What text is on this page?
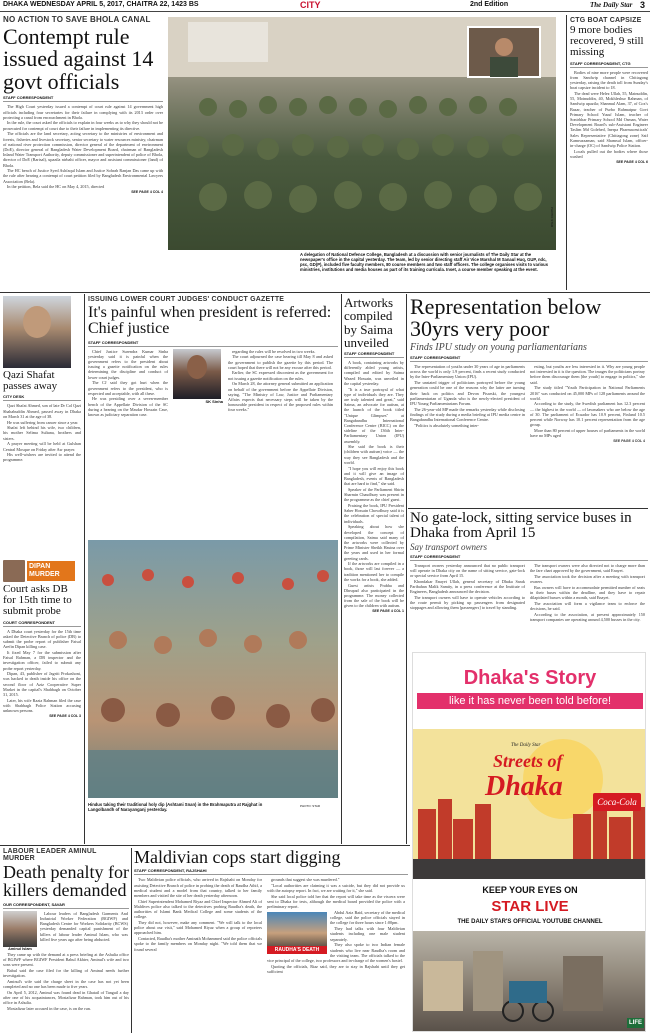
DHAKA WEDNESDAY APRIL 5, 2017, CHAITRA 22, 1423 BS	CITY	2nd Edition	The Daily Star 3
NO ACTION TO SAVE BHOLA CANAL
Contempt rule issued against 14 govt officials
STAFF CORRESPONDENT

The High Court yesterday issued a contempt of court rule against 14 government high officials including four secretaries for their failure in complying with its 2013 order over protecting a canal from encroachment in Bhola.

In the rule, the court asked the officials to explain in four weeks as to why they should not be prosecuted for contempt of court due to their failure in implementing its directive.

The officials are the land secretary, acting secretary to the ministries of environment and forests, fisheries and livestock secretary, senior secretary to water resources ministry, chairman of national river protection commission, director general of the department of environment (DoE), director general of Bangladesh Water Development Board, chairman of Bangladesh Inland Water Transport Authority, deputy commissioner and superintendent of police of Bhola, director of DoE (Barisal), upazila nirbahi officer, mayor and assistant commissioner (land) of Bhola.

The HC bench of Justice Syed Ashfaqul Islam and Justice Sohrab Ranjan Das came up with the rule after hearing a contempt of court petition filed by Bangladesh Environmental Lawyers Association (Bela).

In the petition, Bela said the HC on May 4, 2015, directed

SEE PAGE 4 COL 4
PHOTO: STAR
A delegation of National Defence College, Bangladesh at a discussion with senior journalists of The Daily Star at the newspaper's office in the capital yesterday. The team, led by senior directing staff Air Vice Marshal M Sanaul Huq, GUP, ndc, psc, GD(P), included five faculty members, 80 course members and two staff officers. The college organises visits to various ministries, institutions and media houses as part of its training curricula. Inset, a course member speaking at the event.
CTG BOAT CAPSIZE
9 more bodies recovered, 9 still missing
STAFF CORRESPONDENT, CTG

Bodies of nine more people were recovered from Sandwip channel in Chittagong yesterday, raising the death toll from Sunday's boat capsize incident to 18.

The dead were Helez Ullah, 55, Mainuddin, 55, Moinuddin, 40, Mokhleshur Rahman, of Sandwip upazila; Shanmul Alam, 37, of Cox's Bazar, teacher of Purbo Rahmatpur Govt Primary School Yusuf Islam, teacher of Sonirbhar Primary School Md Osman, Water Development Board's sub-Assistant Engineer Taslim Md Golehed, Inerpa Pharmaceuticals' Sales Representative (Chittagong zone) Saif Kamruzzaman, said Shamsul Islam, officer-in-charge (OC) of Sandwip Police Station.

Locals pulled out the bodies where those washed

SEE PAGE 4 COL 6
Qazi Shafat passes away
CITY DESK

Qazi Shafat Ahmed, son of late Dr Col Qazi Shahabuddin Ahmed, passed away in Dhaka on March 31 at the age of 38.

He was suffering from cancer since a year.

Shafat left behind his wife, two children, his mother Selima Sultana, brothers and sisters.

A prayer meeting will be held at Gulshan Central Mosque on Friday after Asr prayer.

His well-wishers are invited to attend the programme.

DIPAN MURDER
Court asks DB for 15th time to submit probe
COURT CORRESPONDENT

A Dhaka court yesterday for the 15th time asked the Detective Branch of police (DB) to submit the probe report of publisher Faisal Arefin Dipan killing case.

It fixed May 7 for the submission after Faisal Rahman, a DB inspector and the investigation officer, failed to submit any probe report yesterday.

Dipan, 43, publisher of Jagriti Prokashoni, was hacked to death inside his office on the second floor of Aziz Cooperative Super Market in the capital's Shahbagh on October 31, 2015.

Later, his wife Razia Rahman filed the case with Shahbagh Police Station accusing unknown persons.

SEE PAGE 4 COL 3
ISSUING LOWER COURT JUDGES' CONDUCT GAZETTE
It's painful when president is referred: Chief justice
STAFF CORRESPONDENT

Chief Justice Surendra Kumar Sinha yesterday said it is painful when the government refers to the president about issuing a gazette notification on the rules determining the discipline and conduct of lower court judges.

The CJ said they got hurt when the government refers to the president, who is respected and acceptable, with all these.

He was presiding over a seven-member bench of the Appellate Division of the SC during a hearing on the Masdar Hossain Case, known as judiciary separation case.

SK Sinha

regarding the rules will be resolved in two weeks.

The court adjourned the case hearing till May 8 and asked the government to publish the gazette by this period. The court hoped that there will not be any excuse after this period.

Earlier, the SC expressed discontent as the government for not issuing a gazette notification on the rules.

On March 28, the attorney general submitted an application on behalf of the government before the Appellate Division, saying, "The Ministry of Law, Justice and Parliamentary Affairs expects that necessary steps will be taken by the honourable president in respect of the proposed rules within four weeks."

Hindus taking their traditional holy dip (Ashtami Snan) in the Brahmaputra at Rajghat in Langolbandh of Narayanganj yesterday.
PHOTO: STAR
Artworks compiled by Saima unveiled
STAFF CORRESPONDENT

A book, containing artworks by differently abled young artists, compiled and edited by Saima Wazed Hossain, was unveiled in the capital yesterday.

"It is a true portrayal of what type of individuals they are. They are truly talented and great," said Saima, an advocate for autism, at the launch of the book titled "Unique Glimpses" at Bangabandhu International Conference Centre (BICC) on the sideline of the 136th Inter-Parliamentary Union (IPU) assembly.

She said the book is their (children with autism) voice — the way they see Bangladesh and the world.

"I hope you will enjoy this book and it will give an image of Bangladesh, events of Bangladesh that are hard to find," she said.

Speaker of the Parliament Shirin Sharmin Chaudhury was present in the programme as the chief guest.

Praising the book, IPU President Saber Hossain Chowdhury said it is the celebration of special talent of individuals.

Speaking about how she developed the concept of compilation, Saima said many of the artworks were collected by Prime Minister Sheikh Hasina over the years and used in her formal greeting cards.

If the artworks are compiled in a book, those will last forever — a tradition mentioned her to compile the works for a book, she added.

Guest artists Prabha and Dhrupad also participated in the programme. The money collected from the sale of the book will be given to the children with autism.

SEE PAGE 4 COL 1
Representation below 30yrs very poor
Finds IPU study on young parliamentarians
STAFF CORRESPONDENT

The representation of youths under 30 years of age in parliaments across the world is only 1.9 percent, finds a recent study conducted by the Inter-Parliamentary Union (IPU).

The unstated trigger of politicians portrayed before the young generation could be one of the reasons why the latter are turning their back on politics and Devon Pisarski, the youngest parliamentarian of Uganda who is the newly-elected president of IPU Young Parliamentarians Forum.

The 26-year-old MP made the remarks yesterday while disclosing findings of the study during a media briefing at IPU media centre in Bangabandhu International Conference Centre.

"Politics is absolutely something inter-

esting, but youths are less interested in it. Why are young people not interested in it is the question. The images the politicians portray before them discourage them [the youth] to engage in politics," she said.

The study titled "Youth Participation in National Parliaments 2016" was conducted on 45,000 MPs of 128 parliaments around the world.

According to the study, the Swedish parliament has 12.3 percent — the highest in the world — of lawmakers who are below the age of 30. The parliament of Ecuador has 10.9 percent, Finland 10.5 percent while Norway has 10.1 percent representation from the age group.

More than 80 percent of upper houses of parliaments in the world have no MPs aged

SEE PAGE 4 COL 4
No gate-lock, sitting service buses in Dhaka from April 15
Say transport owners
STAFF CORRESPONDENT

Transport owners yesterday announced that no public transport will operate in Dhaka city on the name of sitting service, gate-lock or special service from April 15.

Khondakar Enayet Ullah, general secretary of Dhaka Sarak Paribahan Malik Samity, in a press conference at the Institute of Engineers, Bangladesh announced the decision.

The transport owners will have to operate vehicles according to the route permit by picking up passengers from designated stoppages and allowing them [passengers] to travel by standing.

The transport owners were also directed not to charge more than the fare chart approved by the government, said Enayet.

The association took the decision after a meeting with transport owners.

Bus owners will have to accommodate permitted number of seats in their buses within the deadline, and they have to repair dilapidated busses within a month, said Enayet.

The association will form a vigilance team to enforce the decisions, he said.

According to the association, at present approximately 150 transport companies are operating around 4,500 busses in the city.

Dhaka's Story
like it has never been told before!
The Daily Star
Streets of
Dhaka	Coca-Cola
KEEP YOUR EYES ON
STAR LIVE
THE DAILY STAR'S OFFICIAL YOUTUBE CHANNEL
LIFE
LABOUR LEADER AMINUL MURDER
Death penalty for killers demanded
OUR CORRESPONDENT, SAVAR
Aminul Islam

Labour leaders of Bangladesh Garments And Industrial Worker Federation (BGIWF) and Bangladesh Centre for Workers Solidarity (BCWS) yesterday demanded capital punishment of the killers of labour leader Aminul Islam, who was killed five years ago after being abducted.

They came up with the demand at a press briefing at the Ashulia office of BGIWF where BGIWF President Babul Akhter, Aminul's wife and two sons were present.

Babul said the case filed for the killing of Aminul needs further investigation.

Aminul's wife said the charge sheet in the case has not yet been completed and no one has been made to five years.

On April 5, 2012, Aminul was found dead in Ghatail of Tangail a day after one of his acquaintances, Mostafizur Rahman, took him out of his office in Ashulia.

Mostafizur later accused in the case, is on the run.

Maldivian cops start digging
STAFF CORRESPONDENT, RAJSHAHI

Two Maldivian police officials, who arrived in Rajshahi on Monday for assisting Detective Branch of police in probing the death of Raudha Athif, a medical student and a model from that country, talked to her family members and visited the site of her death yesterday afternoon.

Chief Superintendent Mohamed Riyaz and Chief Inspector Ahmed Ali of Maldives police also talked to the detectives probing Raudha's death, the authorities of Islami Bank Medical College and some students of the college.

They did not, however, make any comment. "We will talk to the local police about our visit," said Mohamed Riyaz when a group of reporters approached him.

Contacted, Raudha's mother Aminath Mohammed said the police officials spoke to the family members on Monday night. "We told them that we found several

grounds that suggest she was murdered."

"Local authorities are claiming it was a suicide, but they did not provide us with the autopsy report. In fact, we are waiting for it," she said.

She said local police told her that the report will take time as the viscera were sent to Dhaka for tests, although the medical board provided the police with a preliminary report.

RAUDHA'S DEATH

Abdul Aziz Baid, secretary of the medical college, said the police officials stayed in the college for three hours since 1:00pm.

They had talks with four Maldivian students including one male student separately.

They also spoke to two Indian female students who live near Raudha's room and the visiting team. The officials talked to the vice principal of the college, two professors and in-charge of the women's hostel.

Quoting the officials, Riaz said, they are to stay in Rajshahi until they get sufficient
